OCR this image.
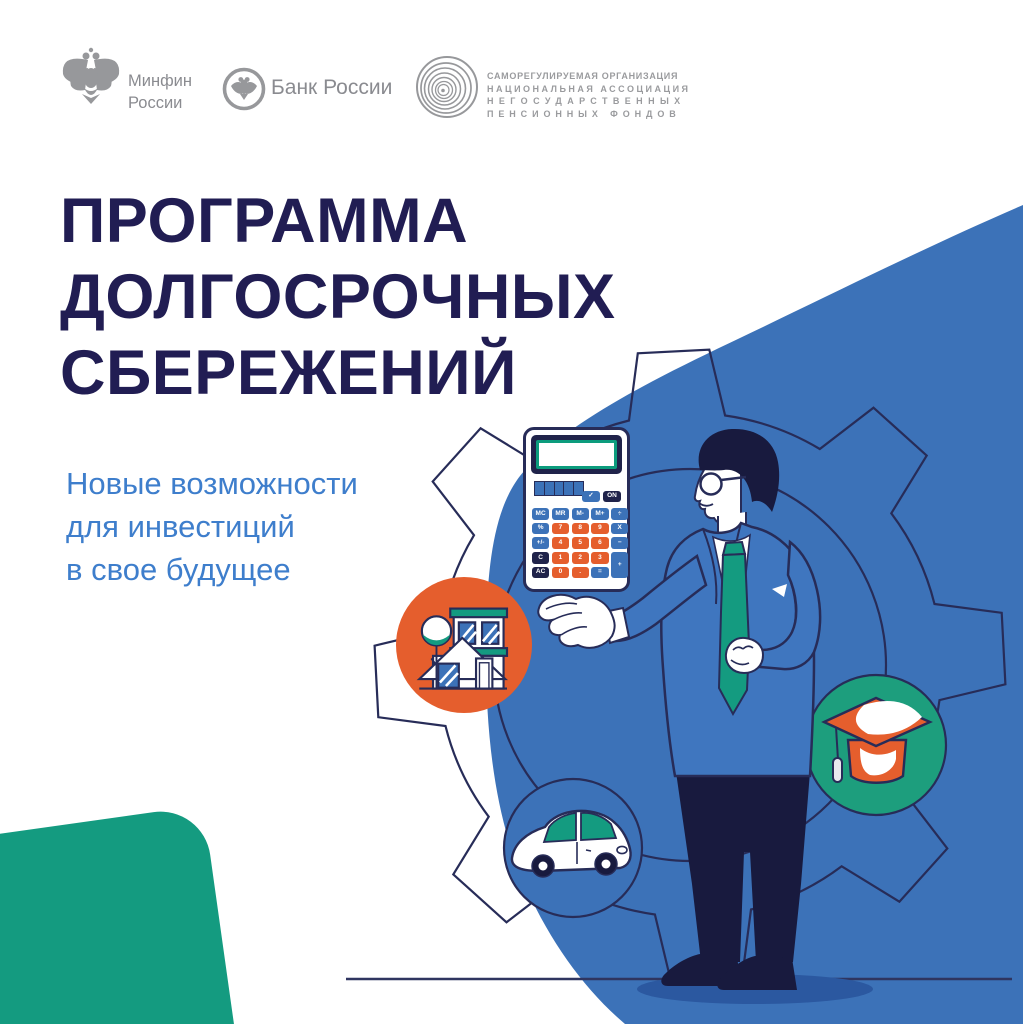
Минфин
России
Банк России	САМОРЕГУЛИРУЕМАЯ ОРГАНИЗАЦИЯ
НАЦИОНАЛЬНАЯ АССОЦИАЦИЯ
НЕГОСУДАРСТВЕННЫХ
ПЕНСИОННЫХ ФОНДОВ
ПРОГРАММА
ДОЛГОСРОЧНЫХ
СБЕРЕЖЕНИЙ
Новые возможности
для инвестиций
в свое будущее
✓	ON
MC	MR	M-	M+	÷
%	7	8	9	X
+/-	4	5	6	−
C	1	2	3
+
AC	0	.	=
